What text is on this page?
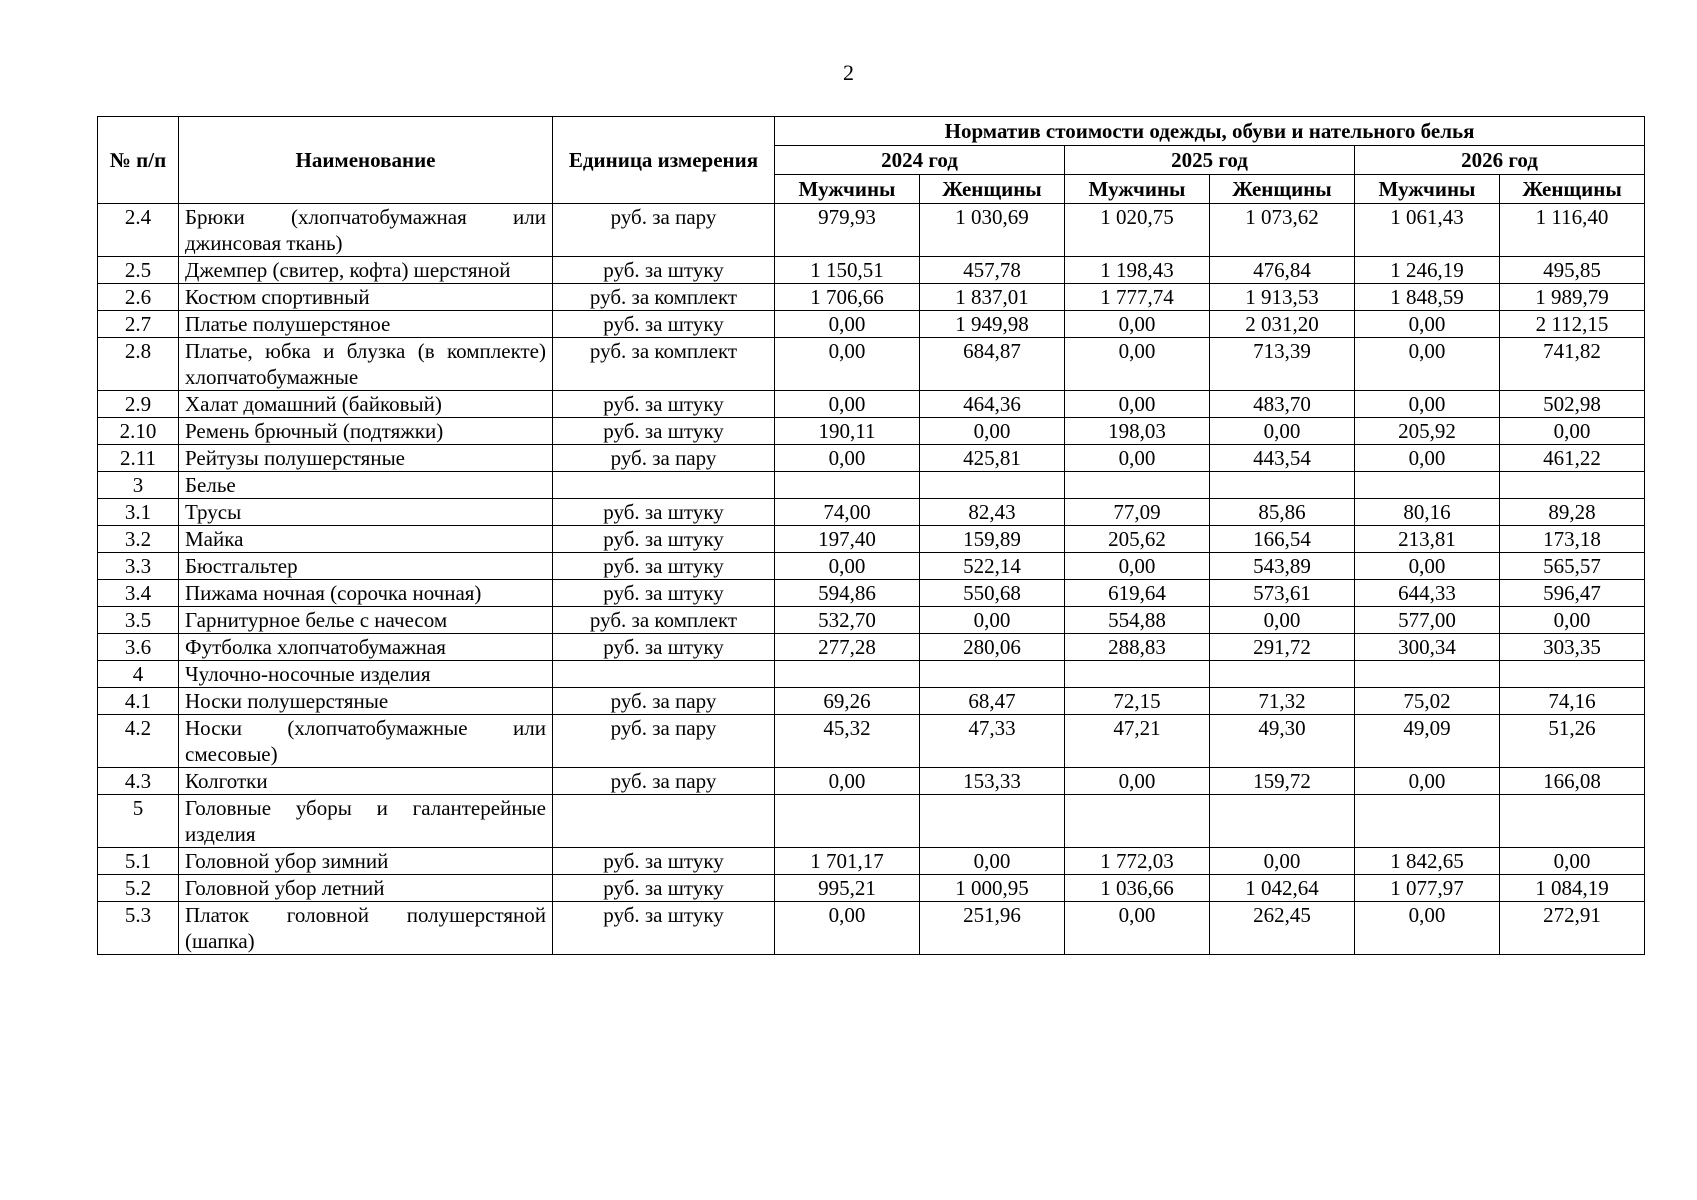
2
№ п/п	Наименование	Единица измерения	Норматив стоимости одежды, обуви и нательного белья					
			2024 год		2025 год		2026 год	
			Мужчины	Женщины	Мужчины	Женщины	Мужчины	Женщины
2.4	Брюки (хлопчатобумажная или джинсовая ткань)	руб. за пару	979,93	1 030,69	1 020,75	1 073,62	1 061,43	1 116,40
2.5	Джемпер (свитер, кофта) шерстяной	руб. за штуку	1 150,51	457,78	1 198,43	476,84	1 246,19	495,85
2.6	Костюм спортивный	руб. за комплект	1 706,66	1 837,01	1 777,74	1 913,53	1 848,59	1 989,79
2.7	Платье полушерстяное	руб. за штуку	0,00	1 949,98	0,00	2 031,20	0,00	2 112,15
2.8	Платье, юбка и блузка (в комплекте) хлопчатобумажные	руб. за комплект	0,00	684,87	0,00	713,39	0,00	741,82
2.9	Халат домашний (байковый)	руб. за штуку	0,00	464,36	0,00	483,70	0,00	502,98
2.10	Ремень брючный (подтяжки)	руб. за штуку	190,11	0,00	198,03	0,00	205,92	0,00
2.11	Рейтузы полушерстяные	руб. за пару	0,00	425,81	0,00	443,54	0,00	461,22
3	Белье							
3.1	Трусы	руб. за штуку	74,00	82,43	77,09	85,86	80,16	89,28
3.2	Майка	руб. за штуку	197,40	159,89	205,62	166,54	213,81	173,18
3.3	Бюстгальтер	руб. за штуку	0,00	522,14	0,00	543,89	0,00	565,57
3.4	Пижама ночная (сорочка ночная)	руб. за штуку	594,86	550,68	619,64	573,61	644,33	596,47
3.5	Гарнитурное белье с начесом	руб. за комплект	532,70	0,00	554,88	0,00	577,00	0,00
3.6	Футболка хлопчатобумажная	руб. за штуку	277,28	280,06	288,83	291,72	300,34	303,35
4	Чулочно-носочные изделия							
4.1	Носки полушерстяные	руб. за пару	69,26	68,47	72,15	71,32	75,02	74,16
4.2	Носки (хлопчатобумажные или смесовые)	руб. за пару	45,32	47,33	47,21	49,30	49,09	51,26
4.3	Колготки	руб. за пару	0,00	153,33	0,00	159,72	0,00	166,08
5	Головные уборы и галантерейные изделия							
5.1	Головной убор зимний	руб. за штуку	1 701,17	0,00	1 772,03	0,00	1 842,65	0,00
5.2	Головной убор летний	руб. за штуку	995,21	1 000,95	1 036,66	1 042,64	1 077,97	1 084,19
5.3	Платок головной полушерстяной (шапка)	руб. за штуку	0,00	251,96	0,00	262,45	0,00	272,91
